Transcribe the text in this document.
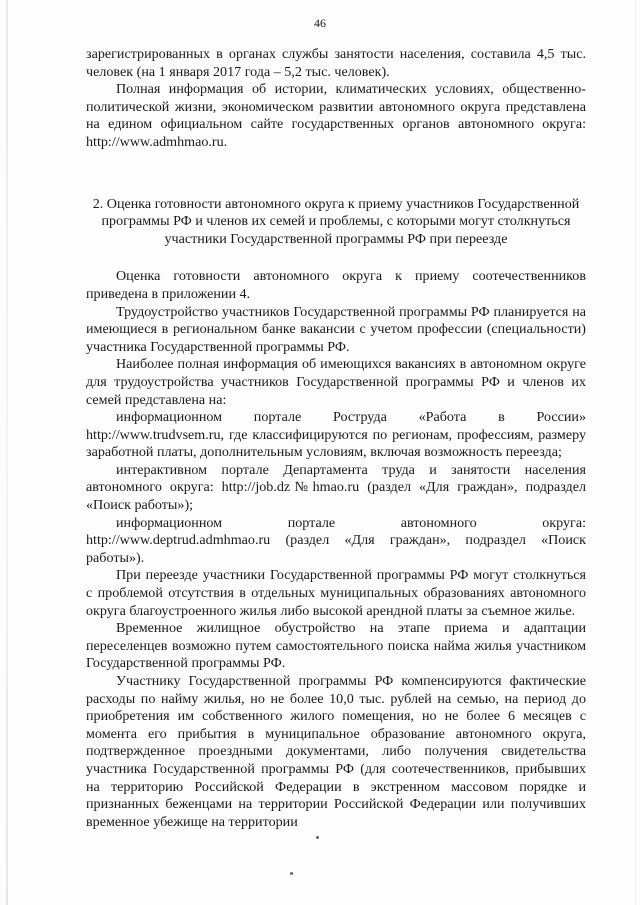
46

зарегистрированных в органах службы занятости населения, составила 4,5 тыс. человек (на 1 января 2017 года – 5,2 тыс. человек).

Полная информация об истории, климатических условиях, общественно-политической жизни, экономическом развитии автономного округа представлена на едином официальном сайте государственных органов автономного округа: http://www.admhmao.ru.

2. Оценка готовности автономного округа к приему участников Государственной программы РФ и членов их семей и проблемы, с которыми могут столкнуться участники Государственной программы РФ при переезде

Оценка готовности автономного округа к приему соотечественников приведена в приложении 4.

Трудоустройство участников Государственной программы РФ планируется на имеющиеся в региональном банке вакансии с учетом профессии (специальности) участника Государственной программы РФ.

Наиболее полная информация об имеющихся вакансиях в автономном округе для трудоустройства участников Государственной программы РФ и членов их семей представлена на:

информационном портале Роструда «Работа в России» http://www.trudvsem.ru, где классифицируются по регионам, профессиям, размеру заработной платы, дополнительным условиям, включая возможность переезда;

интерактивном портале Департамента труда и занятости населения автономного округа: http://job.dz№hmao.ru (раздел «Для граждан», подраздел «Поиск работы»);

информационном портале автономного округа: http://www.deptrud.admhmao.ru (раздел «Для граждан», подраздел «Поиск работы»).

При переезде участники Государственной программы РФ могут столкнуться с проблемой отсутствия в отдельных муниципальных образованиях автономного округа благоустроенного жилья либо высокой арендной платы за съемное жилье.

Временное жилищное обустройство на этапе приема и адаптации переселенцев возможно путем самостоятельного поиска найма жилья участником Государственной программы РФ.

Участнику Государственной программы РФ компенсируются фактические расходы по найму жилья, но не более 10,0 тыс. рублей на семью, на период до приобретения им собственного жилого помещения, но не более 6 месяцев с момента его прибытия в муниципальное образование автономного округа, подтвержденное проездными документами, либо получения свидетельства участника Государственной программы РФ (для соотечественников, прибывших на территорию Российской Федерации в экстренном массовом порядке и признанных беженцами на территории Российской Федерации или получивших временное убежище на территории
